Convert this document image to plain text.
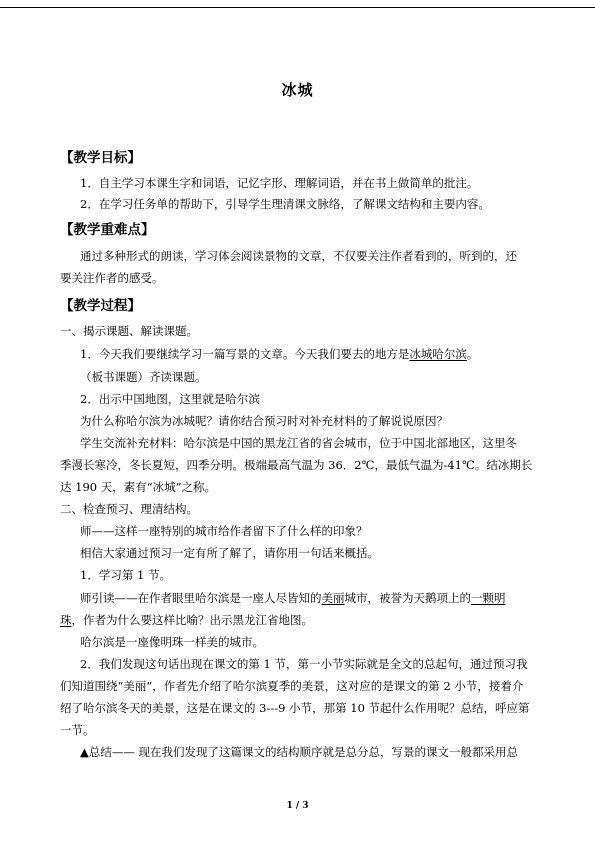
冰城
【教学目标】
1．自主学习本课生字和词语，记忆字形、理解词语，并在书上做简单的批注。
2．在学习任务单的帮助下，引导学生理清课文脉络，了解课文结构和主要内容。
【教学重难点】
通过多种形式的朗读，学习体会阅读景物的文章，不仅要关注作者看到的，听到的，还
要关注作者的感受。
【教学过程】
一、揭示课题、解读课题。
1．今天我们要继续学习一篇写景的文章。今天我们要去的地方是冰城哈尔滨。
（板书课题）齐读课题。
2．出示中国地图，这里就是哈尔滨
为什么称哈尔滨为冰城呢？请你结合预习时对补充材料的了解说说原因？
学生交流补充材料：哈尔滨是中国的黑龙江省的省会城市，位于中国北部地区，这里冬
季漫长寒冷，冬长夏短，四季分明。极端最高气温为 36．2℃，最低气温为-41℃。结冰期长
达 190 天，素有“冰城”之称。
二、检查预习、理清结构。
师——这样一座特别的城市给作者留下了什么样的印象？
相信大家通过预习一定有所了解了，请你用一句话来概括。
1．学习第 1 节。
师引读——在作者眼里哈尔滨是一座人尽皆知的美丽城市，被誉为天鹅项上的一颗明
珠，作者为什么要这样比喻？出示黑龙江省地图。
哈尔滨是一座像明珠一样美的城市。
2．我们发现这句话出现在课文的第 1 节，第一小节实际就是全文的总起句，通过预习我
们知道围绕“美丽”，作者先介绍了哈尔滨夏季的美景，这对应的是课文的第 2 小节，接着介
绍了哈尔滨冬天的美景，这是在课文的 3---9 小节，那第 10 节起什么作用呢？总结，呼应第
一节。
▲总结—— 现在我们发现了这篇课文的结构顺序就是总分总，写景的课文一般都采用总
1 / 3
